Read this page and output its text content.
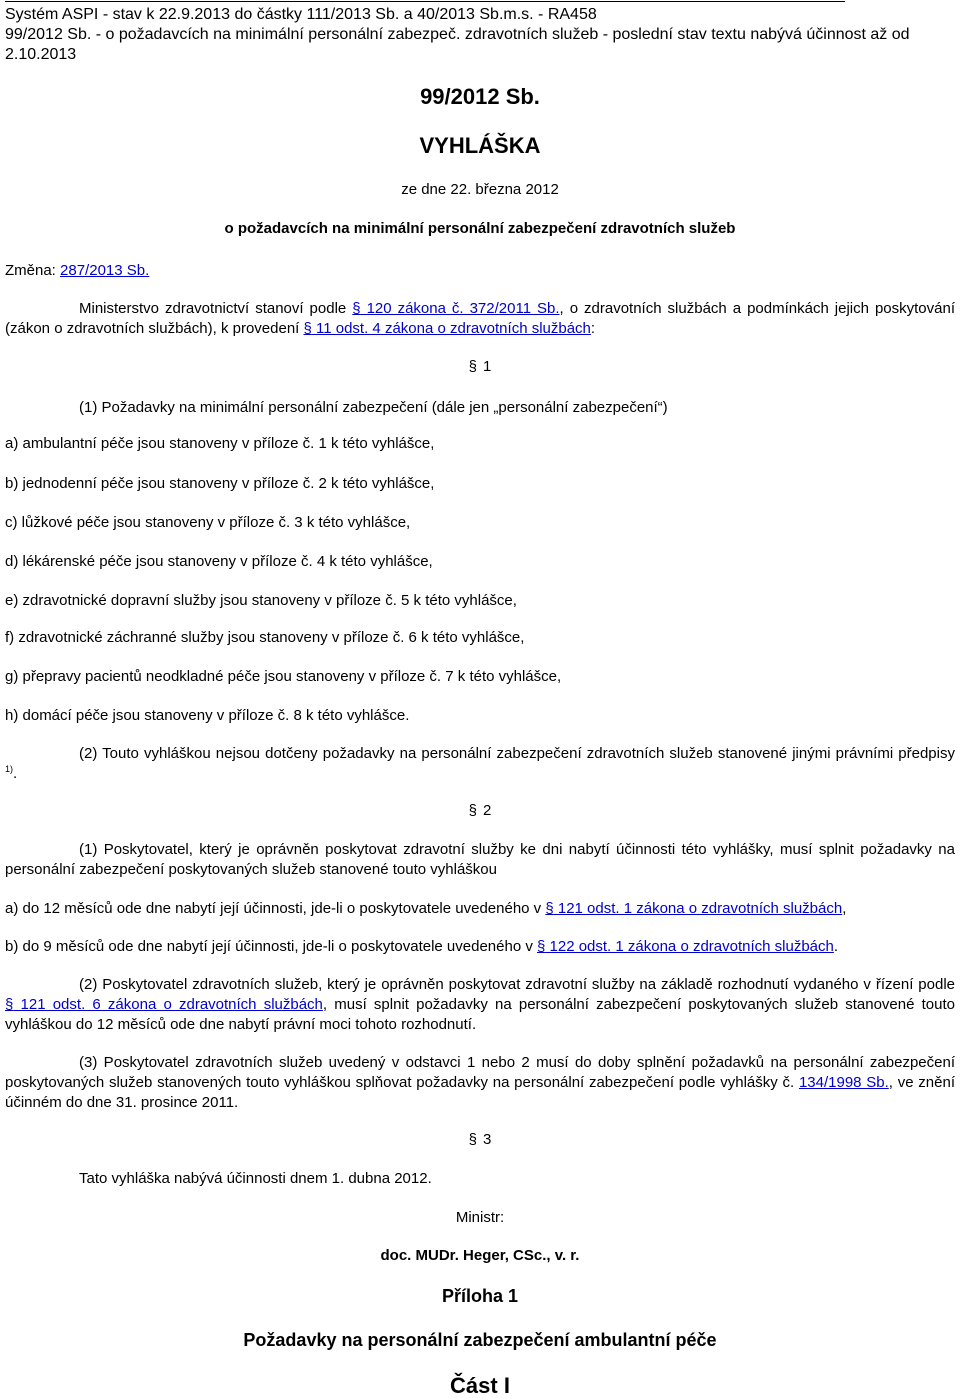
Systém ASPI - stav k 22.9.2013 do částky 111/2013 Sb. a 40/2013 Sb.m.s. - RA458
99/2012 Sb. - o požadavcích na minimální personální zabezpeč. zdravotních služeb - poslední stav textu nabývá účinnost až od 2.10.2013
99/2012 Sb.
VYHLÁŠKA
ze dne 22. března 2012
o požadavcích na minimální personální zabezpečení zdravotních služeb
Změna: 287/2013 Sb.
Ministerstvo zdravotnictví stanoví podle § 120 zákona č. 372/2011 Sb., o zdravotních službách a podmínkách jejich poskytování (zákon o zdravotních službách), k provedení § 11 odst. 4 zákona o zdravotních službách:
§ 1
(1) Požadavky na minimální personální zabezpečení (dále jen „personální zabezpečení“)
a) ambulantní péče jsou stanoveny v příloze č. 1 k této vyhlášce,
b) jednodenní péče jsou stanoveny v příloze č. 2 k této vyhlášce,
c) lůžkové péče jsou stanoveny v příloze č. 3 k této vyhlášce,
d) lékárenské péče jsou stanoveny v příloze č. 4 k této vyhlášce,
e) zdravotnické dopravní služby jsou stanoveny v příloze č. 5 k této vyhlášce,
f) zdravotnické záchranné služby jsou stanoveny v příloze č. 6 k této vyhlášce,
g) přepravy pacientů neodkladné péče jsou stanoveny v příloze č. 7 k této vyhlášce,
h) domácí péče jsou stanoveny v příloze č. 8 k této vyhlášce.
(2) Touto vyhláškou nejsou dotčeny požadavky na personální zabezpečení zdravotních služeb stanovené jinými právními předpisy $^{1)}$.
§ 2
(1) Poskytovatel, který je oprávněn poskytovat zdravotní služby ke dni nabytí účinnosti této vyhlášky, musí splnit požadavky na personální zabezpečení poskytovaných služeb stanovené touto vyhláškou
a) do 12 měsíců ode dne nabytí její účinnosti, jde-li o poskytovatele uvedeného v § 121 odst. 1 zákona o zdravotních službách,
b) do 9 měsíců ode dne nabytí její účinnosti, jde-li o poskytovatele uvedeného v § 122 odst. 1 zákona o zdravotních službách.
(2) Poskytovatel zdravotních služeb, který je oprávněn poskytovat zdravotní služby na základě rozhodnutí vydaného v řízení podle § 121 odst. 6 zákona o zdravotních službách, musí splnit požadavky na personální zabezpečení poskytovaných služeb stanovené touto vyhláškou do 12 měsíců ode dne nabytí právní moci tohoto rozhodnutí.
(3) Poskytovatel zdravotních služeb uvedený v odstavci 1 nebo 2 musí do doby splnění požadavků na personální zabezpečení poskytovaných služeb stanovených touto vyhláškou splňovat požadavky na personální zabezpečení podle vyhlášky č. 134/1998 Sb., ve znění účinném do dne 31. prosince 2011.
§ 3
Tato vyhláška nabývá účinnosti dnem 1. dubna 2012.
Ministr:
doc. MUDr. Heger, CSc., v. r.
Příloha 1
Požadavky na personální zabezpečení ambulantní péče
Část I
